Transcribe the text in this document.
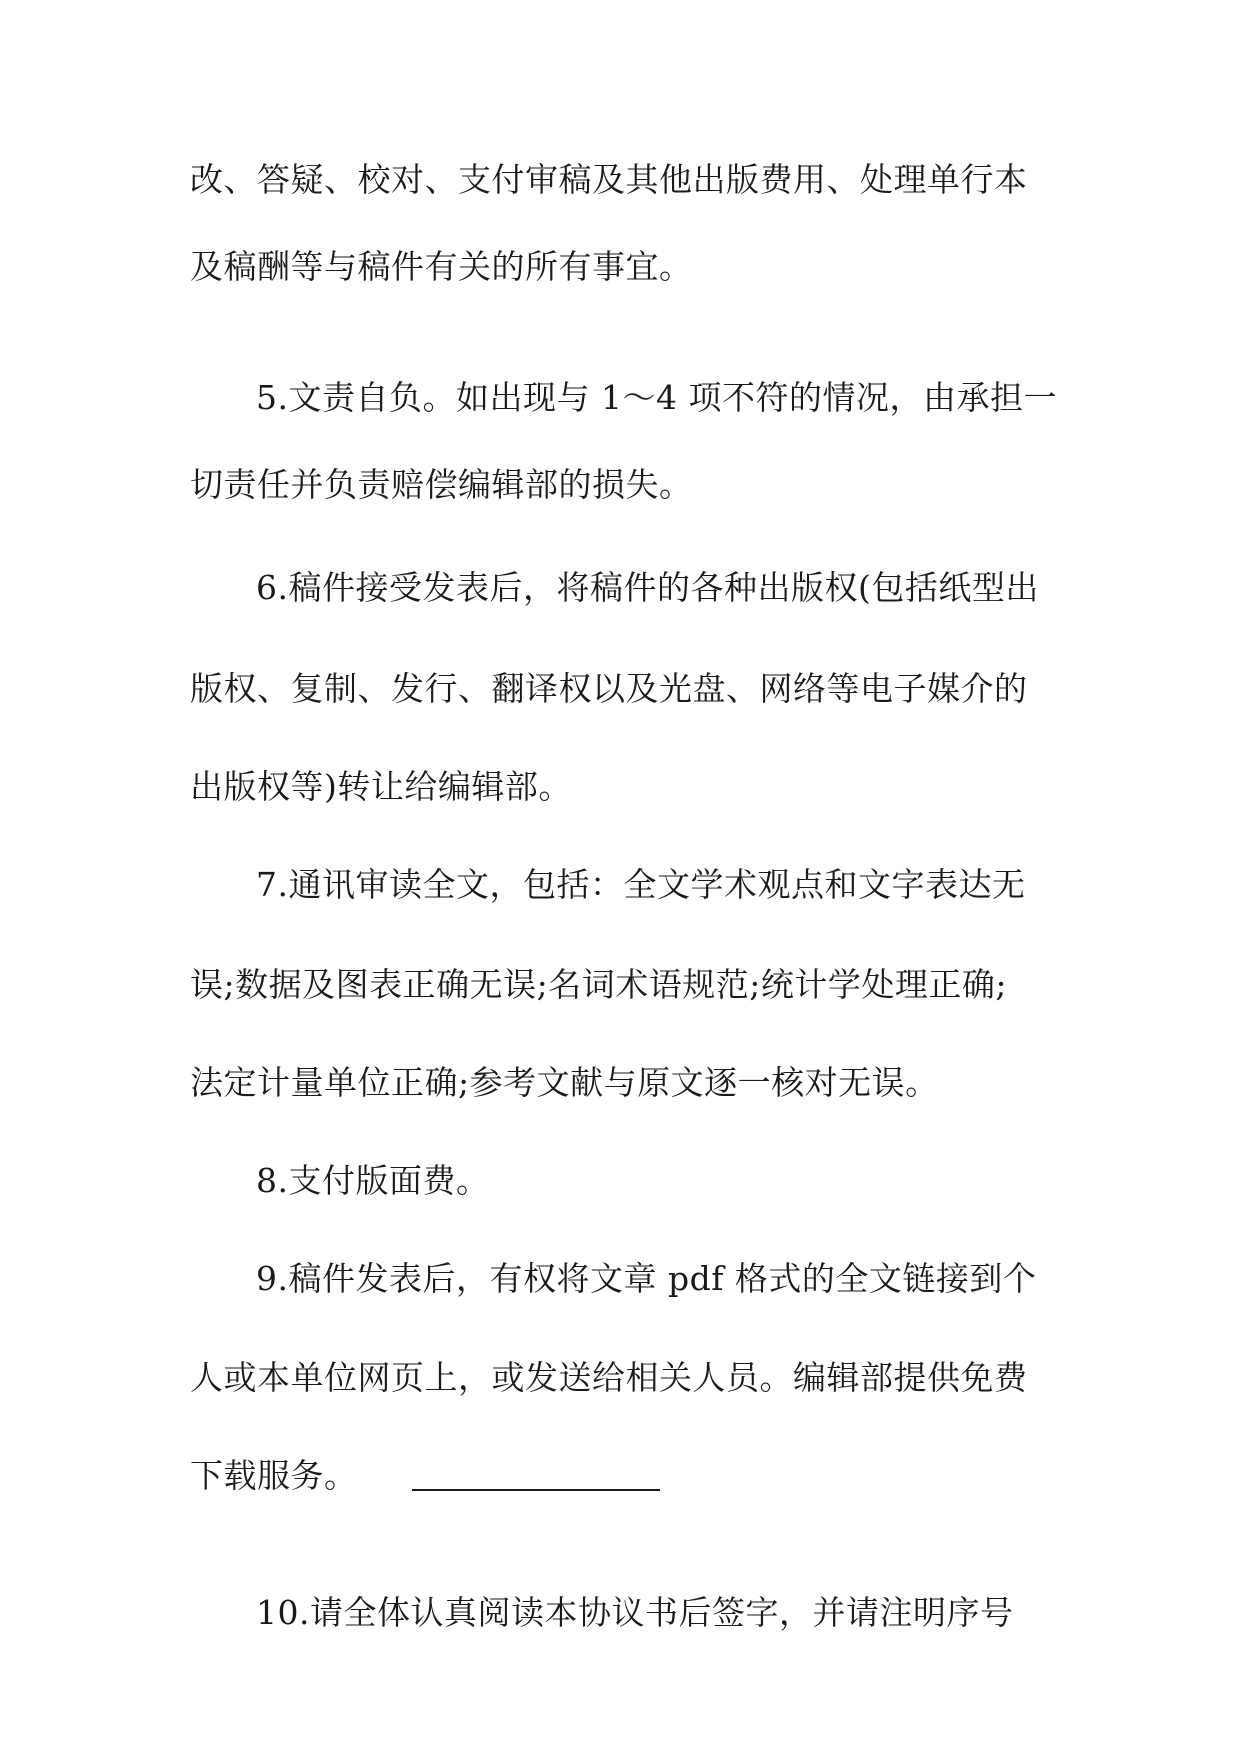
改、答疑、校对、支付审稿及其他出版费用、处理单行本
及稿酬等与稿件有关的所有事宜。
5.文责自负。如出现与 1～4 项不符的情况，由承担一
切责任并负责赔偿编辑部的损失。
6.稿件接受发表后，将稿件的各种出版权(包括纸型出
版权、复制、发行、翻译权以及光盘、网络等电子媒介的
出版权等)转让给编辑部。
7.通讯审读全文，包括：全文学术观点和文字表达无
误;数据及图表正确无误;名词术语规范;统计学处理正确;
法定计量单位正确;参考文献与原文逐一核对无误。
8.支付版面费。
9.稿件发表后，有权将文章 pdf 格式的全文链接到个
人或本单位网页上，或发送给相关人员。编辑部提供免费
下载服务。
10.请全体认真阅读本协议书后签字，并请注明序号
